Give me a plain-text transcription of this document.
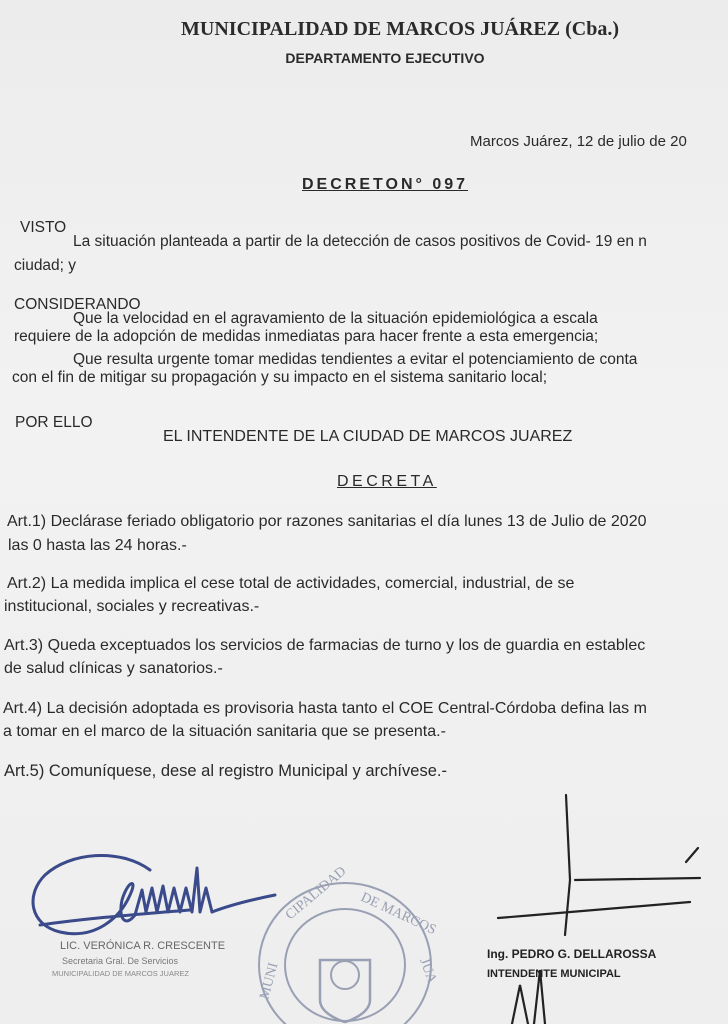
MUNICIPALIDAD DE MARCOS JUÁREZ (Cba.)
DEPARTAMENTO EJECUTIVO
Marcos Juárez, 12 de julio de 20
DECRETON° 097
VISTO
La situación planteada a partir de la detección de casos positivos de Covid- 19 en n
ciudad; y
CONSIDERANDO
Que la velocidad en el agravamiento de la situación epidemiológica a escala
requiere de la adopción de medidas inmediatas para hacer frente a esta emergencia;
Que resulta urgente tomar medidas tendientes a evitar el potenciamiento de conta
con el fin de mitigar su propagación y su impacto en el sistema sanitario local;
POR ELLO
EL INTENDENTE DE LA CIUDAD DE MARCOS JUAREZ
DECRETA
Art.1) Declárase feriado obligatorio por razones sanitarias el día lunes 13 de Julio de 2020
las 0 hasta las 24 horas.-
Art.2) La medida implica el cese total de actividades, comercial, industrial, de se
institucional, sociales y recreativas.-
Art.3) Queda exceptuados los servicios de farmacias de turno y los de guardia en establec
de salud clínicas y sanatorios.-
Art.4) La decisión adoptada es provisoria hasta tanto el COE Central-Córdoba defina las m
a tomar en el marco de la situación sanitaria que se presenta.-
Art.5) Comuníquese, dese al registro Municipal y archívese.-
MUNI
CIPALIDAD DE MARCOS
JUA
LIC. VERÓNICA R. CRESCENTE
Secretaria Gral. De Servicios
MUNICIPALIDAD DE MARCOS JUAREZ
Ing. PEDRO G. DELLAROSSA
INTENDENTE MUNICIPAL
